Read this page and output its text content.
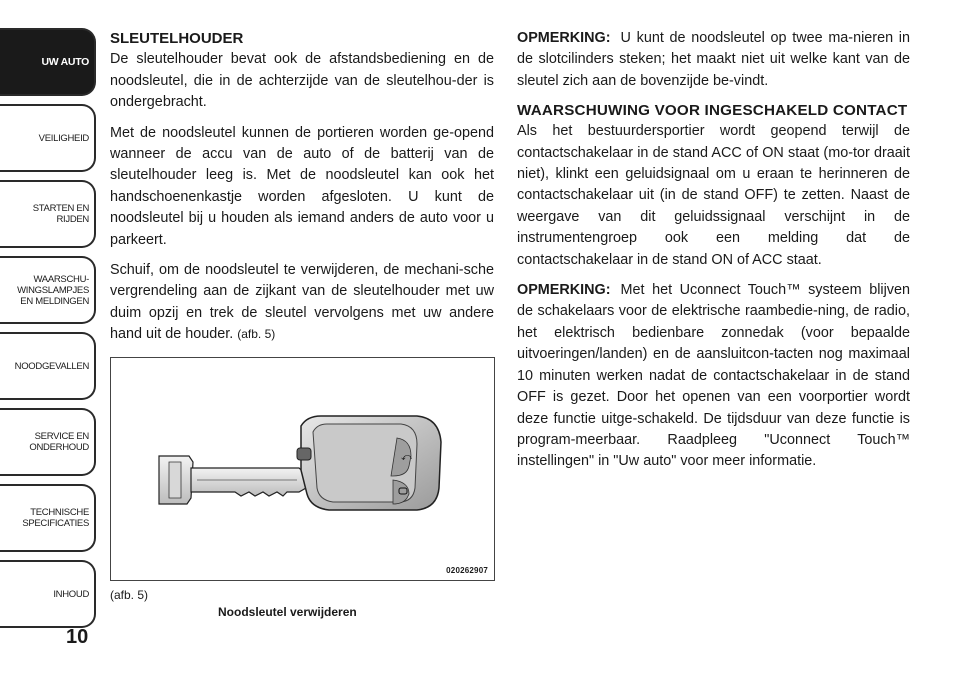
UW AUTO
VEILIGHEID
STARTEN EN
RIJDEN
WAARSCHU-
WINGSLAMPJES
EN MELDINGEN
NOODGEVALLEN
SERVICE EN
ONDERHOUD
TECHNISCHE
SPECIFICATIES
INHOUD
10
SLEUTELHOUDER

De sleutelhouder bevat ook de afstandsbediening en de noodsleutel, die in de achterzijde van de sleutelhou-der is ondergebracht.

Met de noodsleutel kunnen de portieren worden ge-opend wanneer de accu van de auto of de batterij van de sleutelhouder leeg is. Met de noodsleutel kan ook het handschoenenkastje worden afgesloten. U kunt de noodsleutel bij u houden als iemand anders de auto voor u parkeert.

Schuif, om de noodsleutel te verwijderen, de mechani-sche vergrendeling aan de zijkant van de sleutelhouder met uw duim opzij en trek de sleutel vervolgens met uw andere hand uit de houder. (afb. 5)

⤺
020262907
(afb. 5)
Noodsleutel verwijderen

OPMERKING: U kunt de noodsleutel op twee ma-nieren in de slotcilinders steken; het maakt niet uit welke kant van de sleutel zich aan de bovenzijde be-vindt.

WAARSCHUWING VOOR INGESCHAKELD CONTACT

Als het bestuurdersportier wordt geopend terwijl de contactschakelaar in de stand ACC of ON staat (mo-tor draait niet), klinkt een geluidsignaal om u eraan te herinneren de contactschakelaar uit (in de stand OFF) te zetten. Naast de weergave van dit geluidssignaal verschijnt in de instrumentengroep ook een melding dat de contactschakelaar in de stand ON of ACC staat.

OPMERKING: Met het Uconnect Touch™ systeem blijven de schakelaars voor de elektrische raambedie-ning, de radio, het elektrisch bedienbare zonnedak (voor bepaalde uitvoeringen/landen) en de aansluitcon-tacten nog maximaal 10 minuten werken nadat de contactschakelaar in de stand OFF is gezet. Door het openen van een voorportier wordt deze functie uitge-schakeld. De tijdsduur van deze functie is program-meerbaar. Raadpleeg "Uconnect Touch™ instellingen" in "Uw auto" voor meer informatie.
